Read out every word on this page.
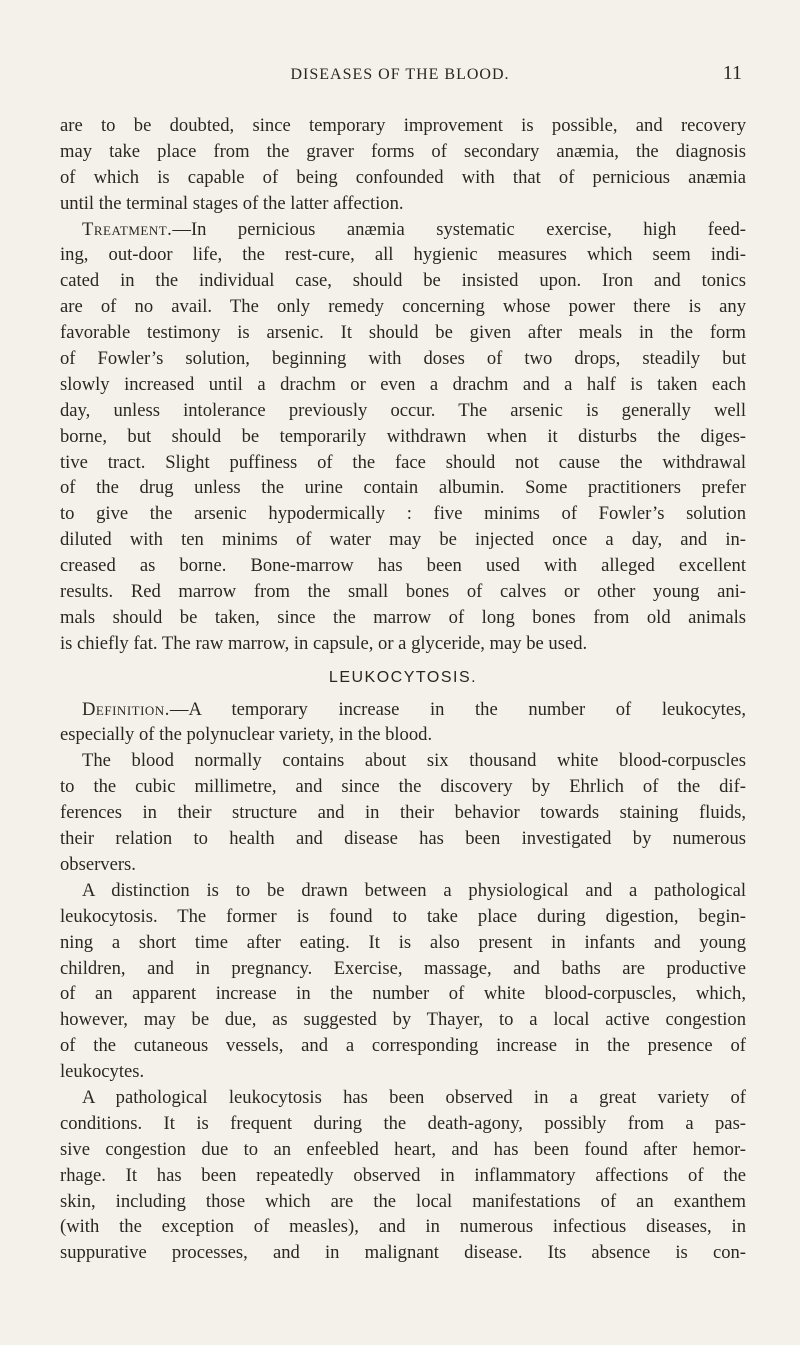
DISEASES OF THE BLOOD.	11
are to be doubted, since temporary improvement is possible, and recovery
may take place from the graver forms of secondary anæmia, the diagnosis
of which is capable of being confounded with that of pernicious anæmia
until the terminal stages of the latter affection.
Treatment.—In pernicious anæmia systematic exercise, high feed-
ing, out-door life, the rest-cure, all hygienic measures which seem indi-
cated in the individual case, should be insisted upon. Iron and tonics
are of no avail. The only remedy concerning whose power there is any
favorable testimony is arsenic. It should be given after meals in the form
of Fowler’s solution, beginning with doses of two drops, steadily but
slowly increased until a drachm or even a drachm and a half is taken each
day, unless intolerance previously occur. The arsenic is generally well
borne, but should be temporarily withdrawn when it disturbs the diges-
tive tract. Slight puffiness of the face should not cause the withdrawal
of the drug unless the urine contain albumin. Some practitioners prefer
to give the arsenic hypodermically : five minims of Fowler’s solution
diluted with ten minims of water may be injected once a day, and in-
creased as borne. Bone-marrow has been used with alleged excellent
results. Red marrow from the small bones of calves or other young ani-
mals should be taken, since the marrow of long bones from old animals
is chiefly fat. The raw marrow, in capsule, or a glyceride, may be used.
LEUKOCYTOSIS.
Definition.—A temporary increase in the number of leukocytes,
especially of the polynuclear variety, in the blood.
The blood normally contains about six thousand white blood-corpuscles
to the cubic millimetre, and since the discovery by Ehrlich of the dif-
ferences in their structure and in their behavior towards staining fluids,
their relation to health and disease has been investigated by numerous
observers.
A distinction is to be drawn between a physiological and a pathological
leukocytosis. The former is found to take place during digestion, begin-
ning a short time after eating. It is also present in infants and young
children, and in pregnancy. Exercise, massage, and baths are productive
of an apparent increase in the number of white blood-corpuscles, which,
however, may be due, as suggested by Thayer, to a local active congestion
of the cutaneous vessels, and a corresponding increase in the presence of
leukocytes.
A pathological leukocytosis has been observed in a great variety of
conditions. It is frequent during the death-agony, possibly from a pas-
sive congestion due to an enfeebled heart, and has been found after hemor-
rhage. It has been repeatedly observed in inflammatory affections of the
skin, including those which are the local manifestations of an exanthem
(with the exception of measles), and in numerous infectious diseases, in
suppurative processes, and in malignant disease. Its absence is con-
